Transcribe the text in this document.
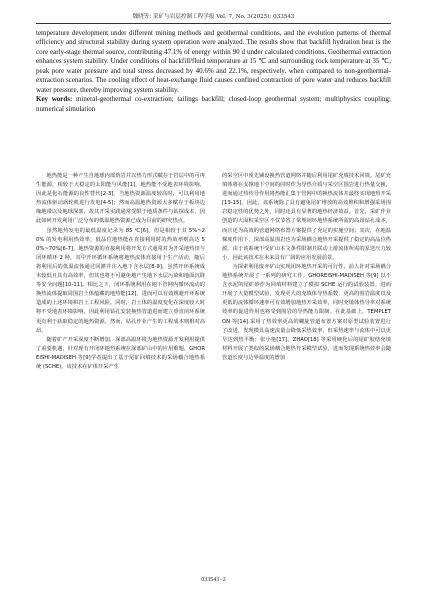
魏晓等: 采矿与岩层控制工程学报 Vol. 7, No. 3(2025): 033543

temperature development under different mining methods and geothermal conditions, and the evolution patterns of thermal efficiency and structural stability during system operation were analyzed. The results show that backfill hydration heat is the core early-stage thermal source, contributing 47.1% of energy within 90 d under calculated conditions. Geothermal extraction enhances system stability. Under conditions of backfill/fluid temperature at 15 ℃ and surrounding rock temperature at 35 ℃, peak pore water pressure and total stress decreased by 40.6% and 22.1%, respectively, when compared to non-geothermal-extraction scenarios. The cooling effect of heat-exchange fluid causes confined contraction of pore water and reduces backfill water pressure, thereby improving system stability.

Key words: mineral-geothermal co-extraction; tailings backfill; closed-loop geothermal system; multiphysics coupling; numerical simulation

地热能是一种产生自地球内部熔岩并以热力形式赋存于岩层中的可再生能源，相较于大稳定的太阳能与风能[1]，地热能不受地表环境影响，因此是化石能源的良性替代[2-3]。当地热资源温度较高时，可以利用地热流体驱动涡轮机进行发电[4-5]；然而高温地热资源大多赋存于板块边缘地带以及地球深部，故其开采实践通常受限于地质条件与钻探成本，因此如何开发利用广泛分布的低温地热资源已成为目前的研究热点。

虽然地热发电的最低温度记录为 85 ℃[6]，但是相较于其 5%~20% 的发电利用热效率，低品位地热能在直接利用时的热效率则高达 50%~70%[6-7]，地热资源的直接利用将开发方式通常对为开采地热田与闭环循环 2 种，其中开环循环系统将地热流体直接用于生产活动，随后将利用后的低温流体通过回灌井注入地下含水层[8-9]。虽然开环系统成本较低且具有高效率，但其也将不可避免地产生地下水层污染和地面沉降等安全问题[10-11]。相比之下，闭环系统利用在地下管网内循环流动的换热流体提取周围岩土体蕴藏的地热能[12]，进而可以有效规避开环系统造成的上述环境和岩土工程风险。同时，岩土体的温度变化在深度较大时将不受地表环境影响，因此利用钻孔安装换热管道进而建立垂直闭环系统更有利于获取稳定的地热资源。然而，钻孔作业产生的工程成本则相对高昂。

随着矿产开采深度不断增加，深部高温环境为地热资源开发利用提供了重要机遇，针对现有开闭环地热系统在深部矿山中的应用难题，GHOREISHI-MADISEH 等[9]学者提出了基于尾矿回填技术的采场耦合地热系统 (SCHE)，该技术在矿体开采产生

的采空区中预先铺设换热管道网络并随后利用尾矿充填技术回填。尾矿充填体将在支撑地下空间的同时作为导热介质与采空区围岩进行热量交换，进而通过热传导作用将热能汇集于管网中的换热流体并最终实现地热开采[13-15]。因此，该系统除了具有避免尾矿堆放的高效堆积和增强采场围岩稳定性的优势之外，同时还具有显著的地热经济效益。首先，采矿作业创造的大面积采空区不仅节省了常规闭环地热系统所需的高昂钻孔成本，而且还为高效的管道网络布置方案提供了充足的实施空间；其次，在地温梯度作用下，深部高温围岩也为采场耦合地热开采提供了稳定的高品位热源。由于该系统不受矿山本文条件限制且联动上游流体所需的泵送压力较小，因此该技术在未来具有广阔的应用发展前景。

为探索利用废弃矿山实现闭环地热开采的可行性，前人针对采场耦合地热系统开展了一系列的研究工作。GHOREISHI-MADISEH 等[9] 以不含水泥的尾矿砂作为回填材料建立了模拟 SCHE 运行的试验装置，进而开展了大量模型试验，发现更大的充填体导热系数、更高的围岩温度以及更低的流体循环速率可有效增加地热开采效率，同时充填体热导率对系统效率的促进作用也将受到围岩的导热能力限制。在此基础上，TEMPLETON 等[14] 采用了热效率更高的螺旋管道布置方案对原型试验装置进行了改进，发现模具高速流量会降低采热效率，但采热速率与流体中可以更早达到热平衡；张小艳[17]、ZHAO[18] 等采用硬化后的尾矿胶结充填材料开展了类似的采场耦合地热开采模型试验，进而发现系统热效率会随管道长度与边界温度的增加

033543−2
